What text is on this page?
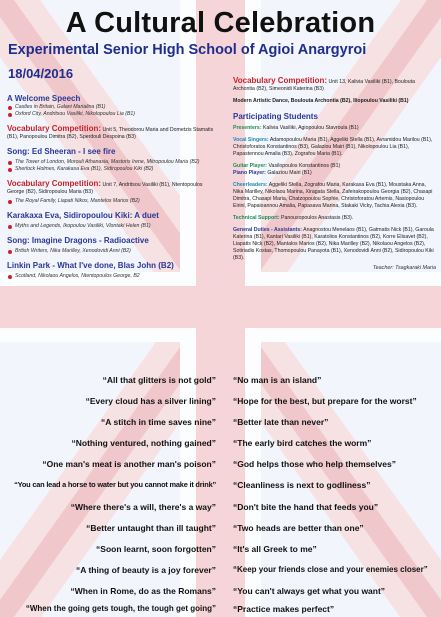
A Cultural Celebration
Experimental Senior High School of Agioi Anargyroi
18/04/2016
A Welcome Speech
Castles in Britain, Galani Marialina (B1)
Oxford City, Andritsou Vasiliki, Nikolopoulou Lia (B1)
Vocabulary Competition: Unit 5, Theodorou Maria and Dometzis Stamatis (B1), Panopoulou Dimitra (B2), Sperdouli Despoina (B3)
Song: Ed Sheeran - I see fire
The Tower of London, Morouli Athanasia, Mastoris Irene, Mitropoulou Maria (B2)
Sherlock Holmes, Karakasa Eva (B1), Sidiropoulou Kiki (B2)
Vocabulary Competition: Unit 7, Andritsou Vasiliki (B1), Ntentopoulos George (B2), Sidiropoulou Maria (B3)
The Royal Family, Liapati Nikos, Mantelos Marios (B2)
Karakaxa Eva, Sidiropoulou Kiki: A duet
Myths and Legends, Ikopoulou Vasiliki, Vlontaki Helen (B1)
Song: Imagine Dragons - Radioactive
British Writers, Nika Marilley, Xenodovidi Anni (B2)
Linkin Park - What I've done, Blas John (B2)
Scotland, Nikolaou Angelos, Ntentopoulos George, B2
Vocabulary Competition: Unit 13, Kalivia Vasiliki (B1), Boulouta Archontia (B2), Simeonidi Katerina (B3)
Modern Artistic Dance, Boulouta Archontia (B2), Iliopoulou Vasiliki (B1)
Participating Students
Presenters: Kalivia Vasiliki, Agiopoulou Stavroula (B1)
Vocal Singers: Adamopoulou Maria (B1), Aggeliki Stella (B1), Avramidou Marilou (B1), Christoforatos Konstantinos (B3), Galaziou Mairi (B1), Nikolopoulou Lia (B1), Papastennou Amalia (B3), Zografou Maria (B1).
Guitar Player: Vasilopoulos Konstantinos (B1)
Piano Player: Galaziou Mairi (B1)
Cheerleaders: Aggeliki Stella, Zografou Maria, Karakaxa Eva (B1), Moustaka Anna, Nika Marilley, Nikolaou Marina, Xiragata Stella, Zafeirakopoulou Georgia (B2), Chasapi Dimitra, Chasapi Maria, Chatzopoulou Sophie, Christoforatou Artemis, Nasiopoulou Eirini, Papaioannou Amalia, Papasava Marina, Stakaki Vicky, Tachia Alexia (B3).
Technical Support: Panousopoulos Anastasis (B3).
General Duties - Assistants: Anagnostou Menelaos (B1), Gatmatis Nick (B1), Garoula Katerina (B1), Kantari Vasiliki (B1), Karatolios Konstantinos (B2), Korre Elisavet (B2), Liapatis Nick (B2), Mantalos Marios (B2), Nika Marilley (B2), Nikolaou Angelos (B2), Sotiriadis Kostas, Thomopoulou Panayota (B1), Xenodovidi Anni (B2), Sidiropoulou Kiki (B3).
Teacher: Tsagkaraki Maria
“All that glitters is not gold”
“Every cloud has a silver lining”
“A stitch in time saves nine”
“Nothing ventured, nothing gained”
“One man's meat is another man's poison”
“You can lead a horse to water but you cannot make it drink”
“Where there's a will, there's a way”
“Better untaught than ill taught”
“Soon learnt, soon forgotten”
“A thing of beauty is a joy forever”
“When in Rome, do as the Romans”
“When the going gets tough, the tough get going”
“No man is an island”
“Hope for the best, but prepare for the worst”
“Better late than never”
“The early bird catches the worm”
“God helps those who help themselves”
“Cleanliness is next to godliness”
“Don't bite the hand that feeds you”
“Two heads are better than one”
“It's all Greek to me”
“Keep your friends close and your enemies closer”
“You can't always get what you want”
“Practice makes perfect”
